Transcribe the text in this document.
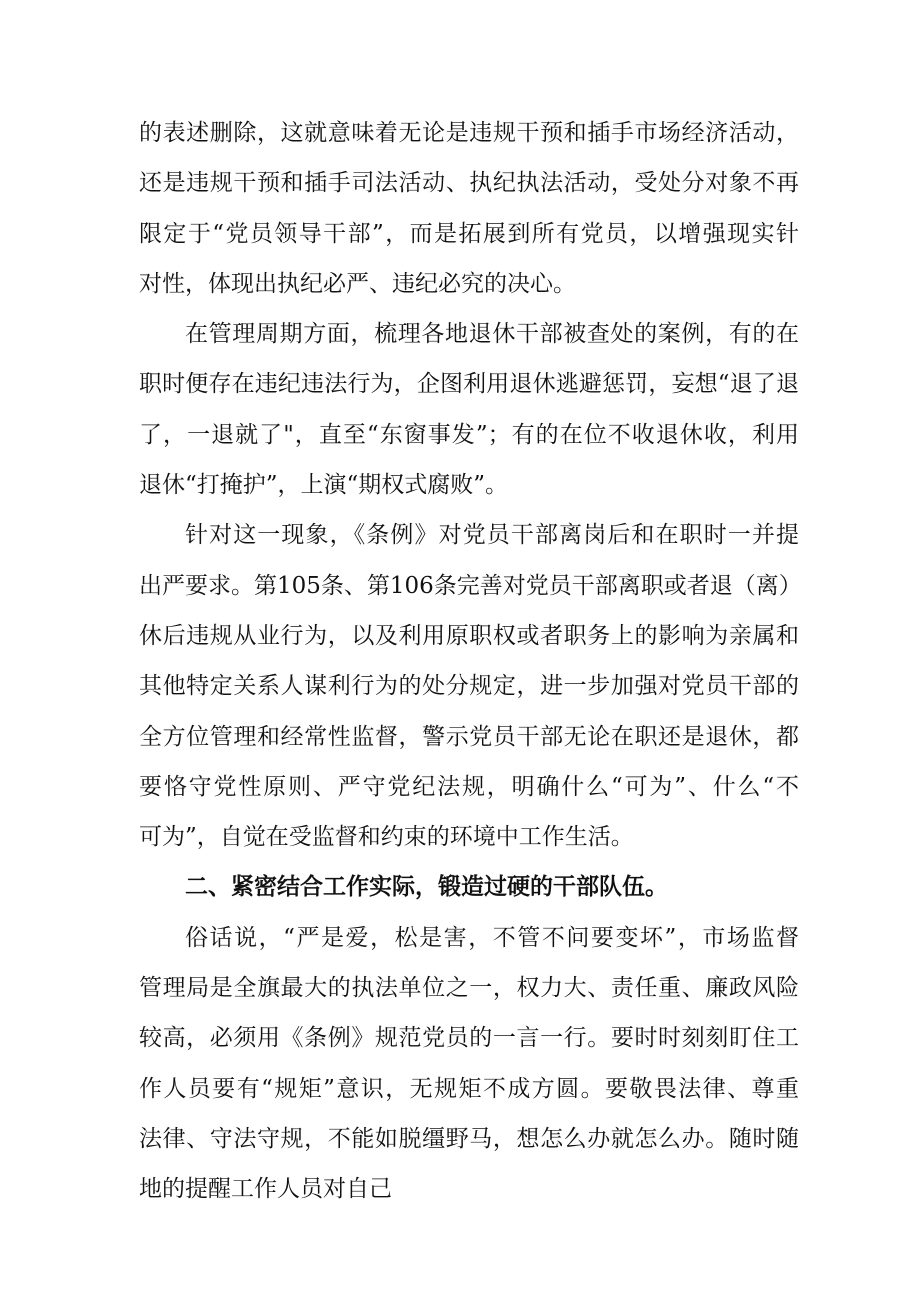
的表述删除，这就意味着无论是违规干预和插手市场经济活动，
还是违规干预和插手司法活动、执纪执法活动，受处分对象不再
限定于“党员领导干部”，而是拓展到所有党员，以增强现实针
对性，体现出执纪必严、违纪必究的决心。
在管理周期方面，梳理各地退休干部被查处的案例，有的在
职时便存在违纪违法行为，企图利用退休逃避惩罚，妄想“退了退
了，一退就了"，直至“东窗事发”；有的在位不收退休收，利用
退休“打掩护”，上演“期权式腐败”。
针对这一现象，《条例》对党员干部离岗后和在职时一并提
出严要求。第105条、第106条完善对党员干部离职或者退（离）
休后违规从业行为，以及利用原职权或者职务上的影响为亲属和
其他特定关系人谋利行为的处分规定，进一步加强对党员干部的
全方位管理和经常性监督，警示党员干部无论在职还是退休，都
要恪守党性原则、严守党纪法规，明确什么“可为”、什么“不
可为”，自觉在受监督和约束的环境中工作生活。
二、紧密结合工作实际，锻造过硬的干部队伍。
俗话说，“严是爱，松是害，不管不问要变坏”，市场监督
管理局是全旗最大的执法单位之一，权力大、责任重、廉政风险
较高，必须用《条例》规范党员的一言一行。要时时刻刻盯住工
作人员要有“规矩”意识，无规矩不成方圆。要敬畏法律、尊重
法律、守法守规，不能如脱缰野马，想怎么办就怎么办。随时随
地的提醒工作人员对自己
